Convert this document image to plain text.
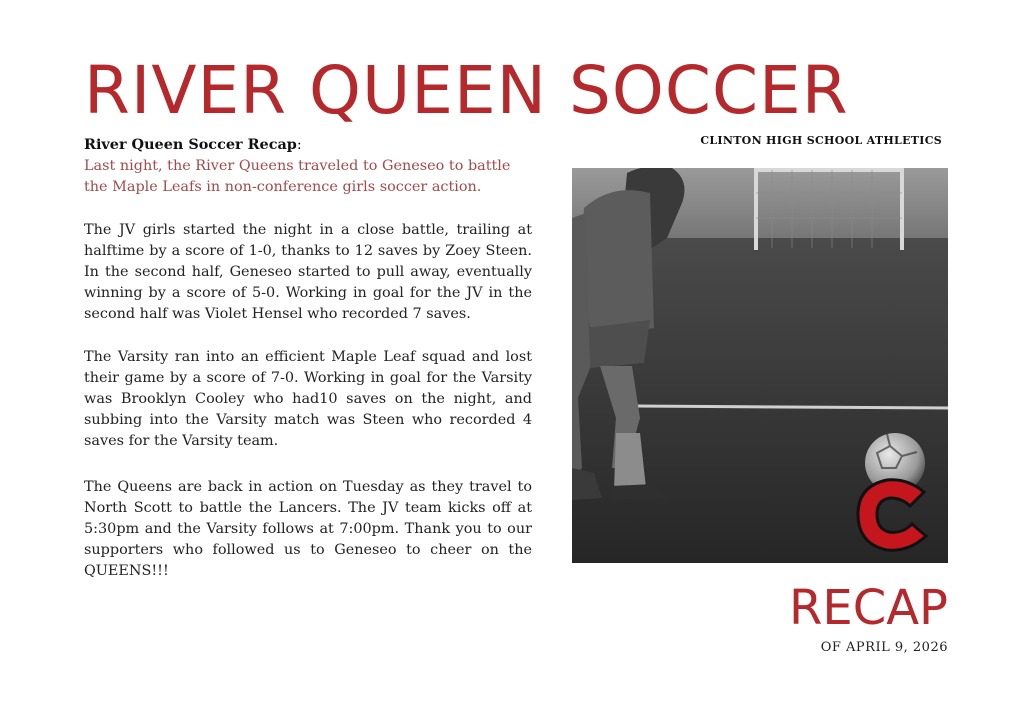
RIVER QUEEN SOCCER
CLINTON HIGH SCHOOL ATHLETICS

River Queen Soccer Recap:

Last night, the River Queens traveled to Geneseo to battle the Maple Leafs in non-conference girls soccer action.

The JV girls started the night in a close battle, trailing at halftime by a score of 1-0, thanks to 12 saves by Zoey Steen. In the second half, Geneseo started to pull away, eventually winning by a score of 5-0. Working in goal for the JV in the second half was Violet Hensel who recorded 7 saves.

The Varsity ran into an efficient Maple Leaf squad and lost their game by a score of 7-0. Working in goal for the Varsity was Brooklyn Cooley who had10 saves on the night, and subbing into the Varsity match was Steen who recorded 4 saves for the Varsity team.

The Queens are back in action on Tuesday as they travel to North Scott to battle the Lancers. The JV team kicks off at 5:30pm and the Varsity follows at 7:00pm. Thank you to our supporters who followed us to Geneseo to cheer on the QUEENS!!!

RECAP
OF APRIL 9, 2026
